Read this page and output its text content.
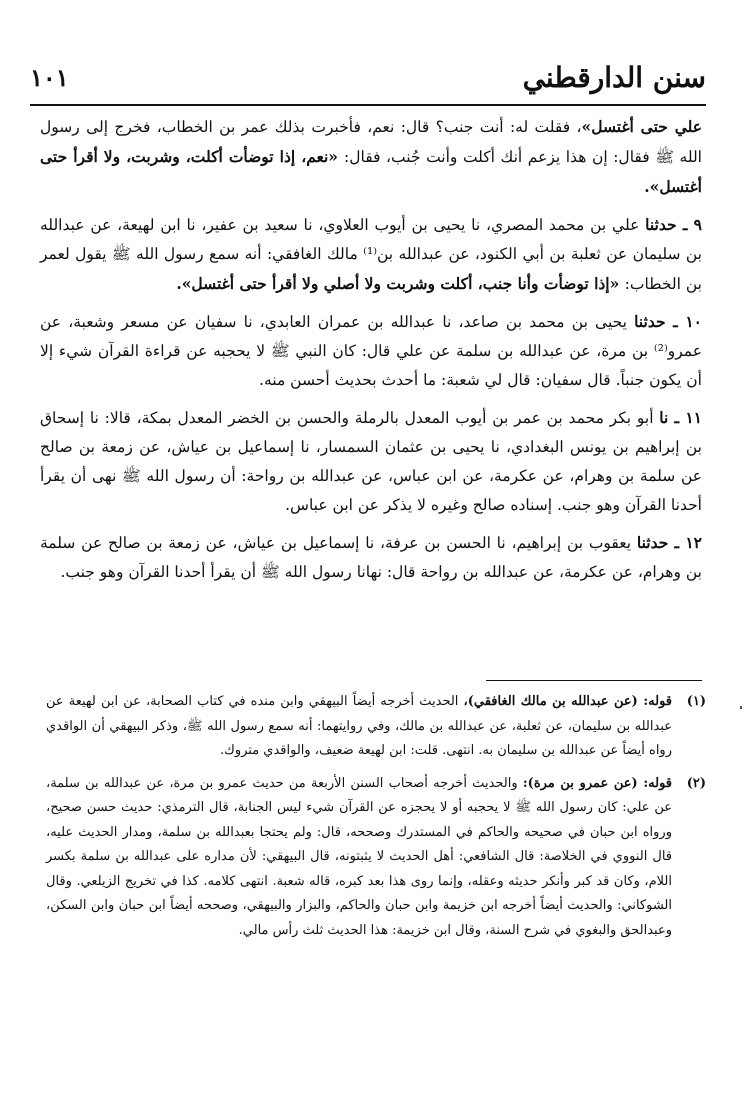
سنن الدارقطني
١٠١

علي حتى أغتسل»، فقلت له: أنت جنب؟ قال: نعم، فأخبرت بذلك عمر بن الخطاب، فخرج إلى رسول الله ﷺ فقال: إن هذا يزعم أنك أكلت وأنت جُنب، فقال: «نعم، إذا توضأت أكلت، وشربت، ولا أقرأ حتى أغتسل».

٩ ـ حدثنا علي بن محمد المصري، نا يحيى بن أيوب العلاوي، نا سعيد بن عفير، نا ابن لهيعة، عن عبدالله بن سليمان عن ثعلبة بن أبي الكنود، عن عبدالله بن⁽¹⁾ مالك الغافقي: أنه سمع رسول الله ﷺ يقول لعمر بن الخطاب: «إذا توضأت وأنا جنب، أكلت وشربت ولا أصلي ولا أقرأ حتى أغتسل».

١٠ ـ حدثنا يحيى بن محمد بن صاعد، نا عبدالله بن عمران العابدي، نا سفيان عن مسعر وشعبة، عن عمرو⁽²⁾ بن مرة، عن عبدالله بن سلمة عن علي قال: كان النبي ﷺ لا يحجبه عن قراءة القرآن شيء إلا أن يكون جنباً. قال سفيان: قال لي شعبة: ما أحدث بحديث أحسن منه.

١١ ـ نا أبو بكر محمد بن عمر بن أيوب المعدل بالرملة والحسن بن الخضر المعدل بمكة، قالا: نا إسحاق بن إبراهيم بن يونس البغدادي، نا يحيى بن عثمان السمسار، نا إسماعيل بن عياش، عن زمعة بن صالح عن سلمة بن وهرام، عن عكرمة، عن ابن عباس، عن عبدالله بن رواحة: أن رسول الله ﷺ نهى أن يقرأ أحدنا القرآن وهو جنب. إسناده صالح وغيره لا يذكر عن ابن عباس.

١٢ ـ حدثنا يعقوب بن إبراهيم، نا الحسن بن عرفة، نا إسماعيل بن عياش، عن زمعة بن صالح عن سلمة بن وهرام، عن عكرمة، عن عبدالله بن رواحة قال: نهانا رسول الله ﷺ أن يقرأ أحدنا القرآن وهو جنب.

(١)
قوله: (عن عبدالله بن مالك الغافقي)، الحديث أخرجه أيضاً البيهقي وابن منده في كتاب الصحابة، عن ابن لهيعة عن عبدالله بن سليمان، عن ثعلبة، عن عبدالله بن مالك، وفي روايتهما: أنه سمع رسول الله ﷺ، وذكر البيهقي أن الواقدي رواه أيضاً عن عبدالله بن سليمان به. انتهى. قلت: ابن لهيعة ضعيف، والواقدي متروك.
(٢)
قوله: (عن عمرو بن مرة): والحديث أخرجه أصحاب السنن الأربعة من حديث عمرو بن مرة، عن عبدالله بن سلمة، عن علي: كان رسول الله ﷺ لا يحجبه أو لا يحجزه عن القرآن شيء ليس الجنابة، قال الترمذي: حديث حسن صحيح، ورواه ابن حبان في صحيحه والحاكم في المستدرك وصححه، قال: ولم يحتجا بعبدالله بن سلمة، ومدار الحديث عليه، قال النووي في الخلاصة: قال الشافعي: أهل الحديث لا يثبتونه، قال البيهقي: لأن مداره على عبدالله بن سلمة بكسر اللام، وكان قد كبر وأنكر حديثه وعقله، وإنما روى هذا بعد كبره، قاله شعبة. انتهى كلامه. كذا في تخريج الزيلعي. وقال الشوكاني: والحديث أيضاً أخرجه ابن خزيمة وابن حبان والحاكم، والبزار والبيهقي، وصححه أيضاً ابن حبان وابن السكن، وعبدالحق والبغوي في شرح السنة، وقال ابن خزيمة: هذا الحديث ثلث رأس مالي.
